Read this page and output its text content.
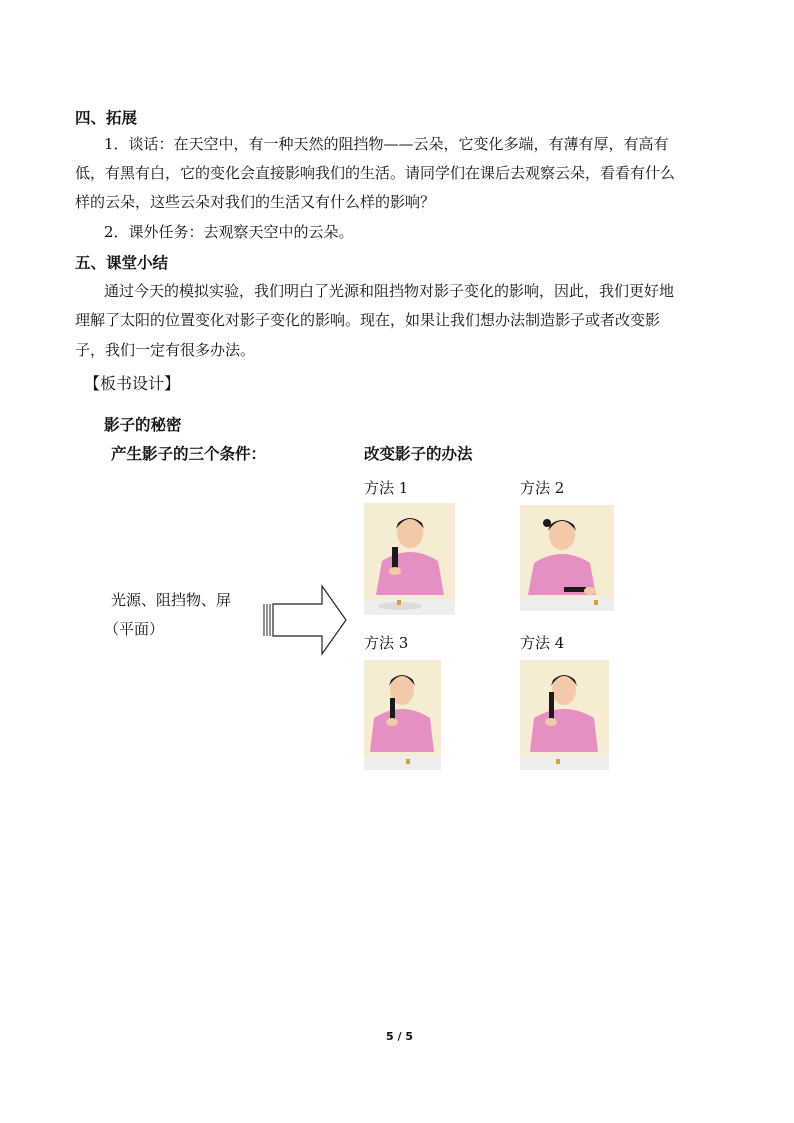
四、拓展
1．谈话：在天空中，有一种天然的阻挡物——云朵，它变化多端，有薄有厚，有高有
低，有黑有白，它的变化会直接影响我们的生活。请同学们在课后去观察云朵，看看有什么
样的云朵，这些云朵对我们的生活又有什么样的影响？
2．课外任务：去观察天空中的云朵。
五、课堂小结
通过今天的模拟实验，我们明白了光源和阻挡物对影子变化的影响，因此，我们更好地
理解了太阳的位置变化对影子变化的影响。现在，如果让我们想办法制造影子或者改变影
子，我们一定有很多办法。
【板书设计】
影子的秘密
产生影子的三个条件：	改变影子的办法
光源、阻挡物、屏
（平面）
方法 1	方法 2
方法 3	方法 4
5 / 5
